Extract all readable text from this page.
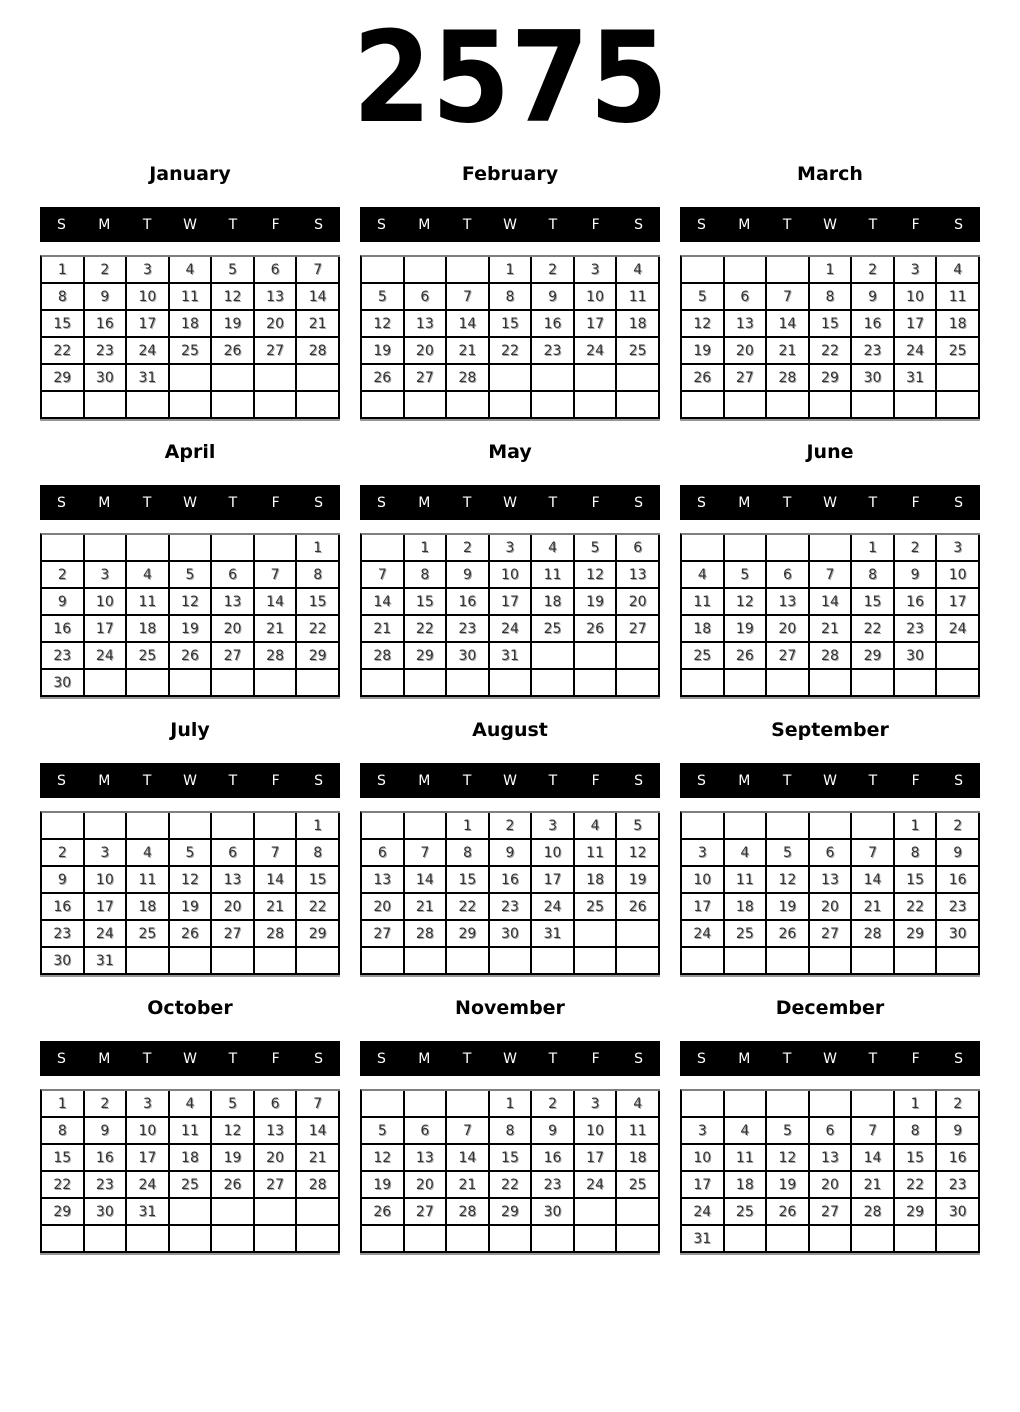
2575
January
S	M	T	W	T	F	S
1	2	3	4	5	6	7
8	9	10	11	12	13	14
15	16	17	18	19	20	21
22	23	24	25	26	27	28
29	30	31				

February
S	M	T	W	T	F	S
			1	2	3	4
5	6	7	8	9	10	11
12	13	14	15	16	17	18
19	20	21	22	23	24	25
26	27	28				

March
S	M	T	W	T	F	S
			1	2	3	4
5	6	7	8	9	10	11
12	13	14	15	16	17	18
19	20	21	22	23	24	25
26	27	28	29	30	31	

April
S	M	T	W	T	F	S
						1
2	3	4	5	6	7	8
9	10	11	12	13	14	15
16	17	18	19	20	21	22
23	24	25	26	27	28	29
30						
May
S	M	T	W	T	F	S
	1	2	3	4	5	6
7	8	9	10	11	12	13
14	15	16	17	18	19	20
21	22	23	24	25	26	27
28	29	30	31			

June
S	M	T	W	T	F	S
				1	2	3
4	5	6	7	8	9	10
11	12	13	14	15	16	17
18	19	20	21	22	23	24
25	26	27	28	29	30	

July
S	M	T	W	T	F	S
						1
2	3	4	5	6	7	8
9	10	11	12	13	14	15
16	17	18	19	20	21	22
23	24	25	26	27	28	29
30	31					
August
S	M	T	W	T	F	S
		1	2	3	4	5
6	7	8	9	10	11	12
13	14	15	16	17	18	19
20	21	22	23	24	25	26
27	28	29	30	31		

September
S	M	T	W	T	F	S
					1	2
3	4	5	6	7	8	9
10	11	12	13	14	15	16
17	18	19	20	21	22	23
24	25	26	27	28	29	30

October
S	M	T	W	T	F	S
1	2	3	4	5	6	7
8	9	10	11	12	13	14
15	16	17	18	19	20	21
22	23	24	25	26	27	28
29	30	31				

November
S	M	T	W	T	F	S
			1	2	3	4
5	6	7	8	9	10	11
12	13	14	15	16	17	18
19	20	21	22	23	24	25
26	27	28	29	30		

December
S	M	T	W	T	F	S
					1	2
3	4	5	6	7	8	9
10	11	12	13	14	15	16
17	18	19	20	21	22	23
24	25	26	27	28	29	30
31						
